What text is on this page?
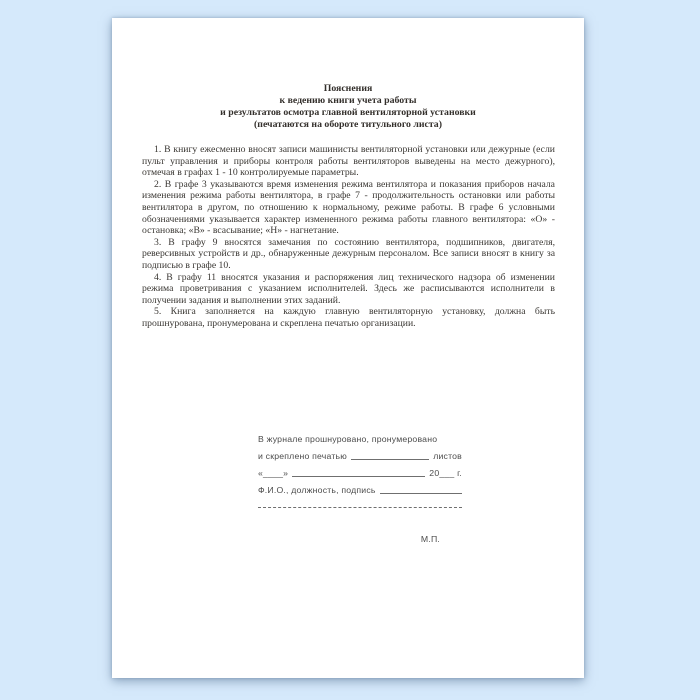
Пояснения
к ведению книги учета работы
и результатов осмотра главной вентиляторной установки
(печатаются на обороте титульного листа)

1. В книгу ежесменно вносят записи машинисты вентиляторной установки или дежурные (если пульт управления и приборы контроля работы вентиляторов выведены на место дежурного), отмечая в графах 1 - 10 контролируемые параметры.

2. В графе 3 указываются время изменения режима вентилятора и показания приборов начала изменения режима работы вентилятора, в графе 7 - продолжительность остановки или работы вентилятора в другом, по отношению к нормальному, режиме работы. В графе 6 условными обозначениями указывается характер измененного режима работы главного вентилятора: «О» - остановка; «В» - всасывание; «Н» - нагнетание.

3. В графу 9 вносятся замечания по состоянию вентилятора, подшипников, двигателя, реверсивных устройств и др., обнаруженные дежурным персоналом. Все записи вносят в книгу за подписью в графе 10.

4. В графу 11 вносятся указания и распоряжения лиц технического надзора об изменении режима проветривания с указанием исполнителей. Здесь же расписываются исполнители в получении задания и выполнении этих заданий.

5. Книга заполняется на каждую главную вентиляторную установку, должна быть прошнурована, пронумерована и скреплена печатью организации.

В журнале прошнуровано, пронумеровано
и скреплено печатью	листов
«____»	20___ г.
Ф.И.О., должность, подпись
М.П.
